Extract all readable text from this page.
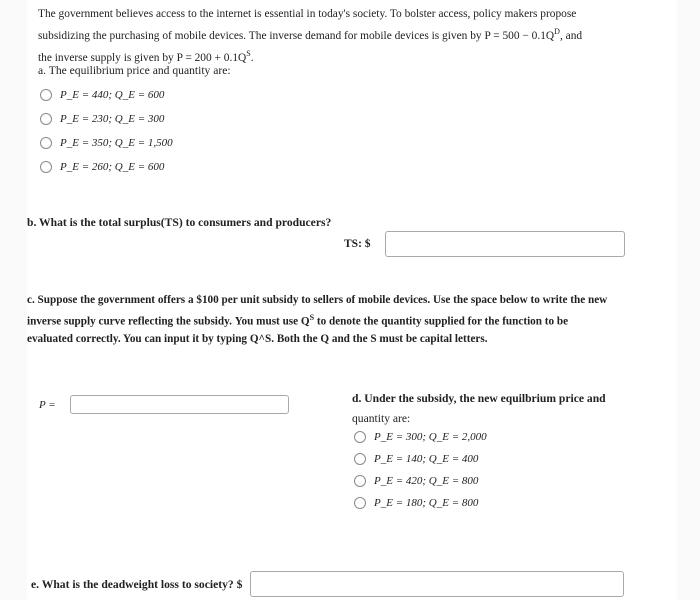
The government believes access to the internet is essential in today's society. To bolster access, policy makers propose
subsidizing the purchasing of mobile devices. The inverse demand for mobile devices is given by $P = 500 - 0.1Q^D$, and
the inverse supply is given by $P = 200 + 0.1Q^S$.
a. The equilibrium price and quantity are:
P_E = 440; Q_E = 600
P_E = 230; Q_E = 300
P_E = 350; Q_E = 1,500
P_E = 260; Q_E = 600
b. What is the total surplus(TS) to consumers and producers?
TS: $
c. Suppose the government offers a $100 per unit subsidy to sellers of mobile devices. Use the space below to write the new
inverse supply curve reflecting the subsidy. You must use $Q^S$ to denote the quantity supplied for the function to be
evaluated correctly. You can input it by typing Q^S. Both the Q and the S must be capital letters.
P =	d. Under the subsidy, the new equilbrium price and
quantity are:
P_E = 300; Q_E = 2,000
P_E = 140; Q_E = 400
P_E = 420; Q_E = 800
P_E = 180; Q_E = 800
e. What is the deadweight loss to society? $
